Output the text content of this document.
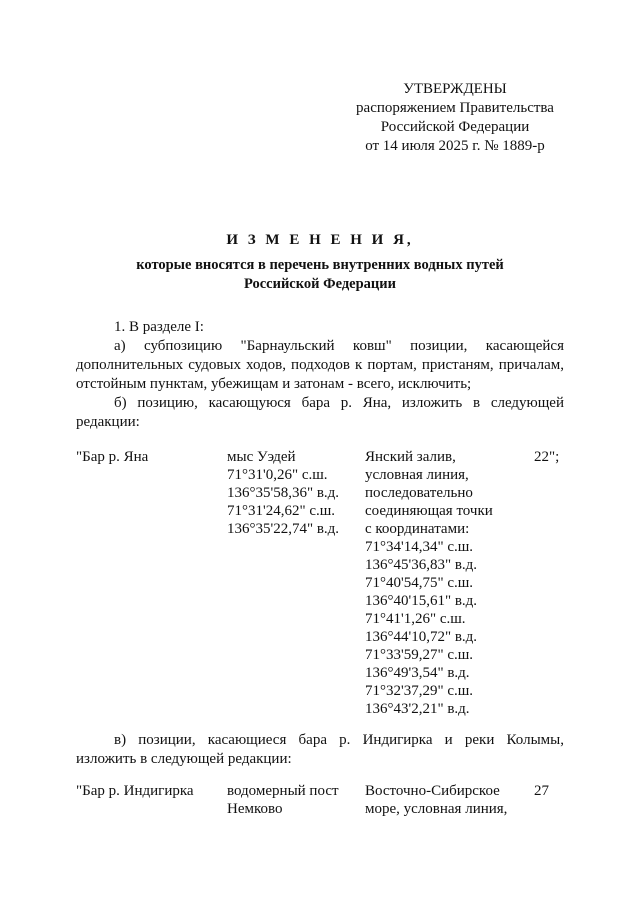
УТВЕРЖДЕНЫ
распоряжением Правительства
Российской Федерации
от 14 июля 2025 г. № 1889-р
И З М Е Н Е Н И Я,
которые вносятся в перечень внутренних водных путей
Российской Федерации
1. В разделе I:
а) субпозицию "Барнаульский ковш" позиции, касающейся дополнительных судовых ходов, подходов к портам, пристаням, причалам, отстойным пунктам, убежищам и затонам - всего, исключить;
б) позицию, касающуюся бара р. Яна, изложить в следующей
редакции:
"Бар р. Яна	мыс Уэдей
71°31'0,26" с.ш.
136°35'58,36" в.д.
71°31'24,62" с.ш.
136°35'22,74" в.д.
Янский залив,
условная линия,
последовательно
соединяющая точки
с координатами:
71°34'14,34" с.ш.
136°45'36,83" в.д.
71°40'54,75" с.ш.
136°40'15,61" в.д.
71°41'1,26" с.ш.
136°44'10,72" в.д.
71°33'59,27" с.ш.
136°49'3,54" в.д.
71°32'37,29" с.ш.
136°43'2,21" в.д.
22";
в) позиции, касающиеся бара р. Индигирка и реки Колымы,
изложить в следующей редакции:
"Бар р. Индигирка	водомерный пост
Немково
Восточно-Сибирское
море, условная линия,
27
